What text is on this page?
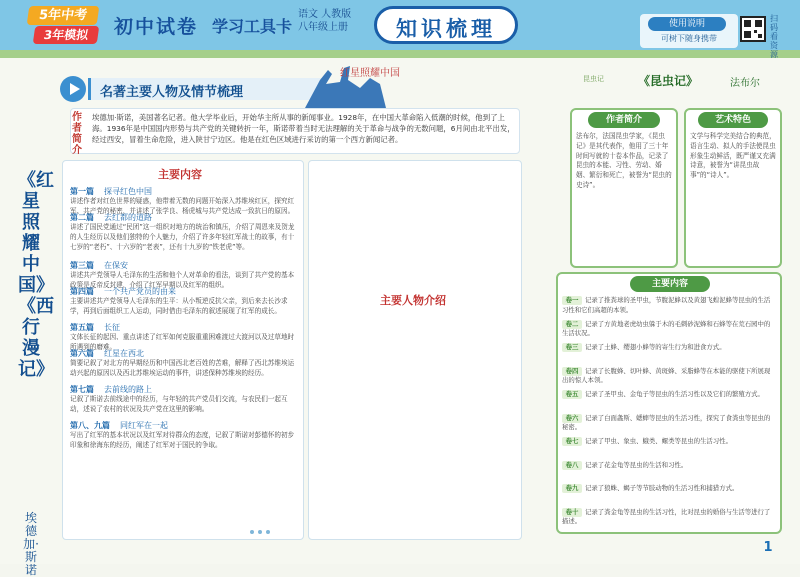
5年中考
3年模拟	初中试卷 学习工具卡
语文 人教版
八年级上册	知识梳理	使用说明
可树下随身携带
扫码看资源
名著主要人物及情节梳理
红星照耀中国
《红星照耀中国》《西行漫记》
埃德加·斯诺
作者简介
埃德加·斯诺，美国著名记者。他大学毕业后，开始华主所从事的新闻事业。1928年，在中国大革命陷入低潮的时候，他到了上海。1936年是中国国内形势与共产党的关键转折一年，斯诺带着当时无法理解的关于革命与战争的无数问题，6月间由北平出发，经过西安，冒着生命危险，进入陕甘宁边区。他是在红色区域进行采访的第一个西方新闻记者。
主要内容
第一篇 探寻红色中国
讲述作者对红色世界的疑惑，他带着无数的问题开始深入苏维埃红区，探究红军、共产党的秘密，并讲述了张学良、杨虎城与共产党达成一致抗日的原因。
第二篇 去红都的道路
讲述了国民党通过“民团”这一组织对地方的统治和镇压，介绍了周恩来及贺龙的人生经历以及他们独特的个人魅力，介绍了许多年轻红军战士的故事，有十七岁的“老朽”、十六岁的“老表”，还有十九岁的“铁老虎”等。
第三篇 在保安
讲述共产党领导人毛泽东的生活和他个人对革命的看法，谈到了共产党的基本政策是反帝反封建，介绍了红军早期以及红军的组织。
第四篇 一个共产党员的由来
主要讲述共产党领导人毛泽东的生平：从小叛逆反抗父亲，到后来去长沙求学，再到后面组织工人运动，同时借由毛泽东的叙述展现了红军的成长。
第五篇 长征
文体长征的起因、重点讲述了红军如何克服重重困难渡过大渡河以及过草地时所遇到的磨难。
第六篇 红星在西北
简要记叙了对北方的早期经历和中国西北老百姓的苦难，解释了西北苏维埃运动兴起的原因以及西北苏维埃运动的事件，讲述保种苏维埃的经历。
第七篇 去前线的路上
记叙了斯诺去前线途中的经历，与年轻的共产党员们交流，与农民们一起互动，述说了农村的状况及共产党在这里的影响。
第八、九篇 同红军在一起
写出了红军的基本状况以及红军对待群众的态度，记叙了斯诺对彭德怀的初步印象和徐海东的经历，阐述了红军对于国民的争取。
主要人物介绍
昆虫记	《昆虫记》	法布尔
作者简介
法布尔，法国昆虫学家，《昆虫记》是其代表作，他用了三十年时间写就的十卷本作品，记录了昆虫的本能、习性、劳动、婚姻、繁衍和死亡，被誉为“昆虫的史诗”。
艺术特色
文学与科学完美结合的典范，语言生动、拟人的手法使昆虫形象生动鲜活，既严谨又充满诗意，被誉为“讲昆虫故事”的“诗人”。
主要内容
卷一 记录了推粪球的圣甲虫，节腹泥蜂以及黄翅飞蝗泥蜂等昆虫的生活习性和它们高超的本领。
卷二 记录了方黄地老虎幼虫躲于木的毛刺砂泥蜂和石蜂等在荒石园中的生活状况。
卷三 记录了土蜂、缨翅小蜂等的寄生行为和进食方式。
卷四 记录了长腹蜂、切叶蜂、黄斑蜂、采脂蜂等在本能的驱使下所展现出的惊人本领。
卷五 记录了圣甲虫、金龟子等昆虫的生活习性以及它们的繁殖方式。
卷六 记录了白面螽斯、蟋蟀等昆虫的生活习性，探究了食粪虫等昆虫的秘密。
卷七 记录了甲虫、象虫、蛾类、螺类等昆虫的生活习性。
卷八 记录了花金龟等昆虫的生活和习性。
卷九 记录了狼蛛、蝎子等节肢动物的生活习性和捕猎方式。
卷十 记录了粪金龟等昆虫的生活习性，比对昆虫的婚俗与生活等进行了描述。
1
